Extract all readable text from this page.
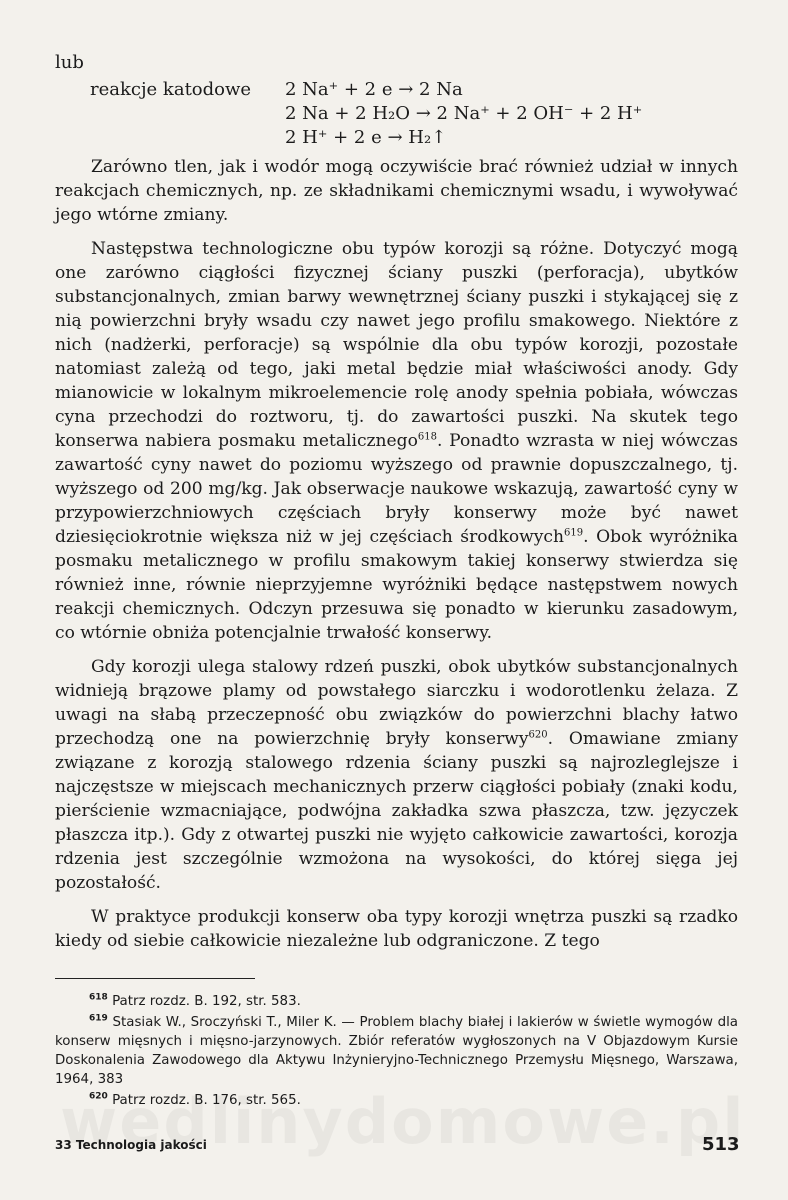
lub
reakcje katodowe	2 Na⁺ + 2 e → 2 Na
2 Na + 2 H₂O → 2 Na⁺ + 2 OH⁻ + 2 H⁺
2 H⁺ + 2 e → H₂↑

Zarówno tlen, jak i wodór mogą oczywiście brać również udział w innych reakcjach chemicznych, np. ze składnikami chemicznymi wsadu, i wywoływać jego wtórne zmiany.

Następstwa technologiczne obu typów korozji są różne. Dotyczyć mogą one zarówno ciągłości fizycznej ściany puszki (perforacja), ubytków substancjonalnych, zmian barwy wewnętrznej ściany puszki i stykającej się z nią powierzchni bryły wsadu czy nawet jego profilu smakowego. Niektóre z nich (nadżerki, perforacje) są wspólnie dla obu typów korozji, pozostałe natomiast zależą od tego, jaki metal będzie miał właściwości anody. Gdy mianowicie w lokalnym mikroelemencie rolę anody spełnia pobiała, wówczas cyna przechodzi do roztworu, tj. do zawartości puszki. Na skutek tego konserwa nabiera posmaku metalicznego$^{618}$. Ponadto wzrasta w niej wówczas zawartość cyny nawet do poziomu wyższego od prawnie dopuszczalnego, tj. wyższego od 200 mg/kg. Jak obserwacje naukowe wskazują, zawartość cyny w przypowierzchniowych częściach bryły konserwy może być nawet dziesięciokrotnie większa niż w jej częściach środkowych$^{619}$. Obok wyróżnika posmaku metalicznego w profilu smakowym takiej konserwy stwierdza się również inne, równie nieprzyjemne wyróżniki będące następstwem nowych reakcji chemicznych. Odczyn przesuwa się ponadto w kierunku zasadowym, co wtórnie obniża potencjalnie trwałość konserwy.

Gdy korozji ulega stalowy rdzeń puszki, obok ubytków substancjonalnych widnieją brązowe plamy od powstałego siarczku i wodorotlenku żelaza. Z uwagi na słabą przeczepność obu związków do powierzchni blachy łatwo przechodzą one na powierzchnię bryły konserwy$^{620}$. Omawiane zmiany związane z korozją stalowego rdzenia ściany puszki są najrozleglejsze i najczęstsze w miejscach mechanicznych przerw ciągłości pobiały (znaki kodu, pierścienie wzmacniające, podwójna zakładka szwa płaszcza, tzw. języczek płaszcza itp.). Gdy z otwartej puszki nie wyjęto całkowicie zawartości, korozja rdzenia jest szczególnie wzmożona na wysokości, do której sięga jej pozostałość.

W praktyce produkcji konserw oba typy korozji wnętrza puszki są rzadko kiedy od siebie całkowicie niezależne lub odgraniczone. Z tego

$^{618}$ Patrz rozdz. B. 192, str. 583.
$^{619}$ Stasiak W., Sroczyński T., Miler K. — Problem blachy białej i lakierów w świetle wymogów dla konserw mięsnych i mięsno-jarzynowych. Zbiór referatów wygłoszonych na V Objazdowym Kursie Doskonalenia Zawodowego dla Aktywu Inżynieryjno-Technicznego Przemysłu Mięsnego, Warszawa, 1964, 383
$^{620}$ Patrz rozdz. B. 176, str. 565.
33 Technologia jakości	513
